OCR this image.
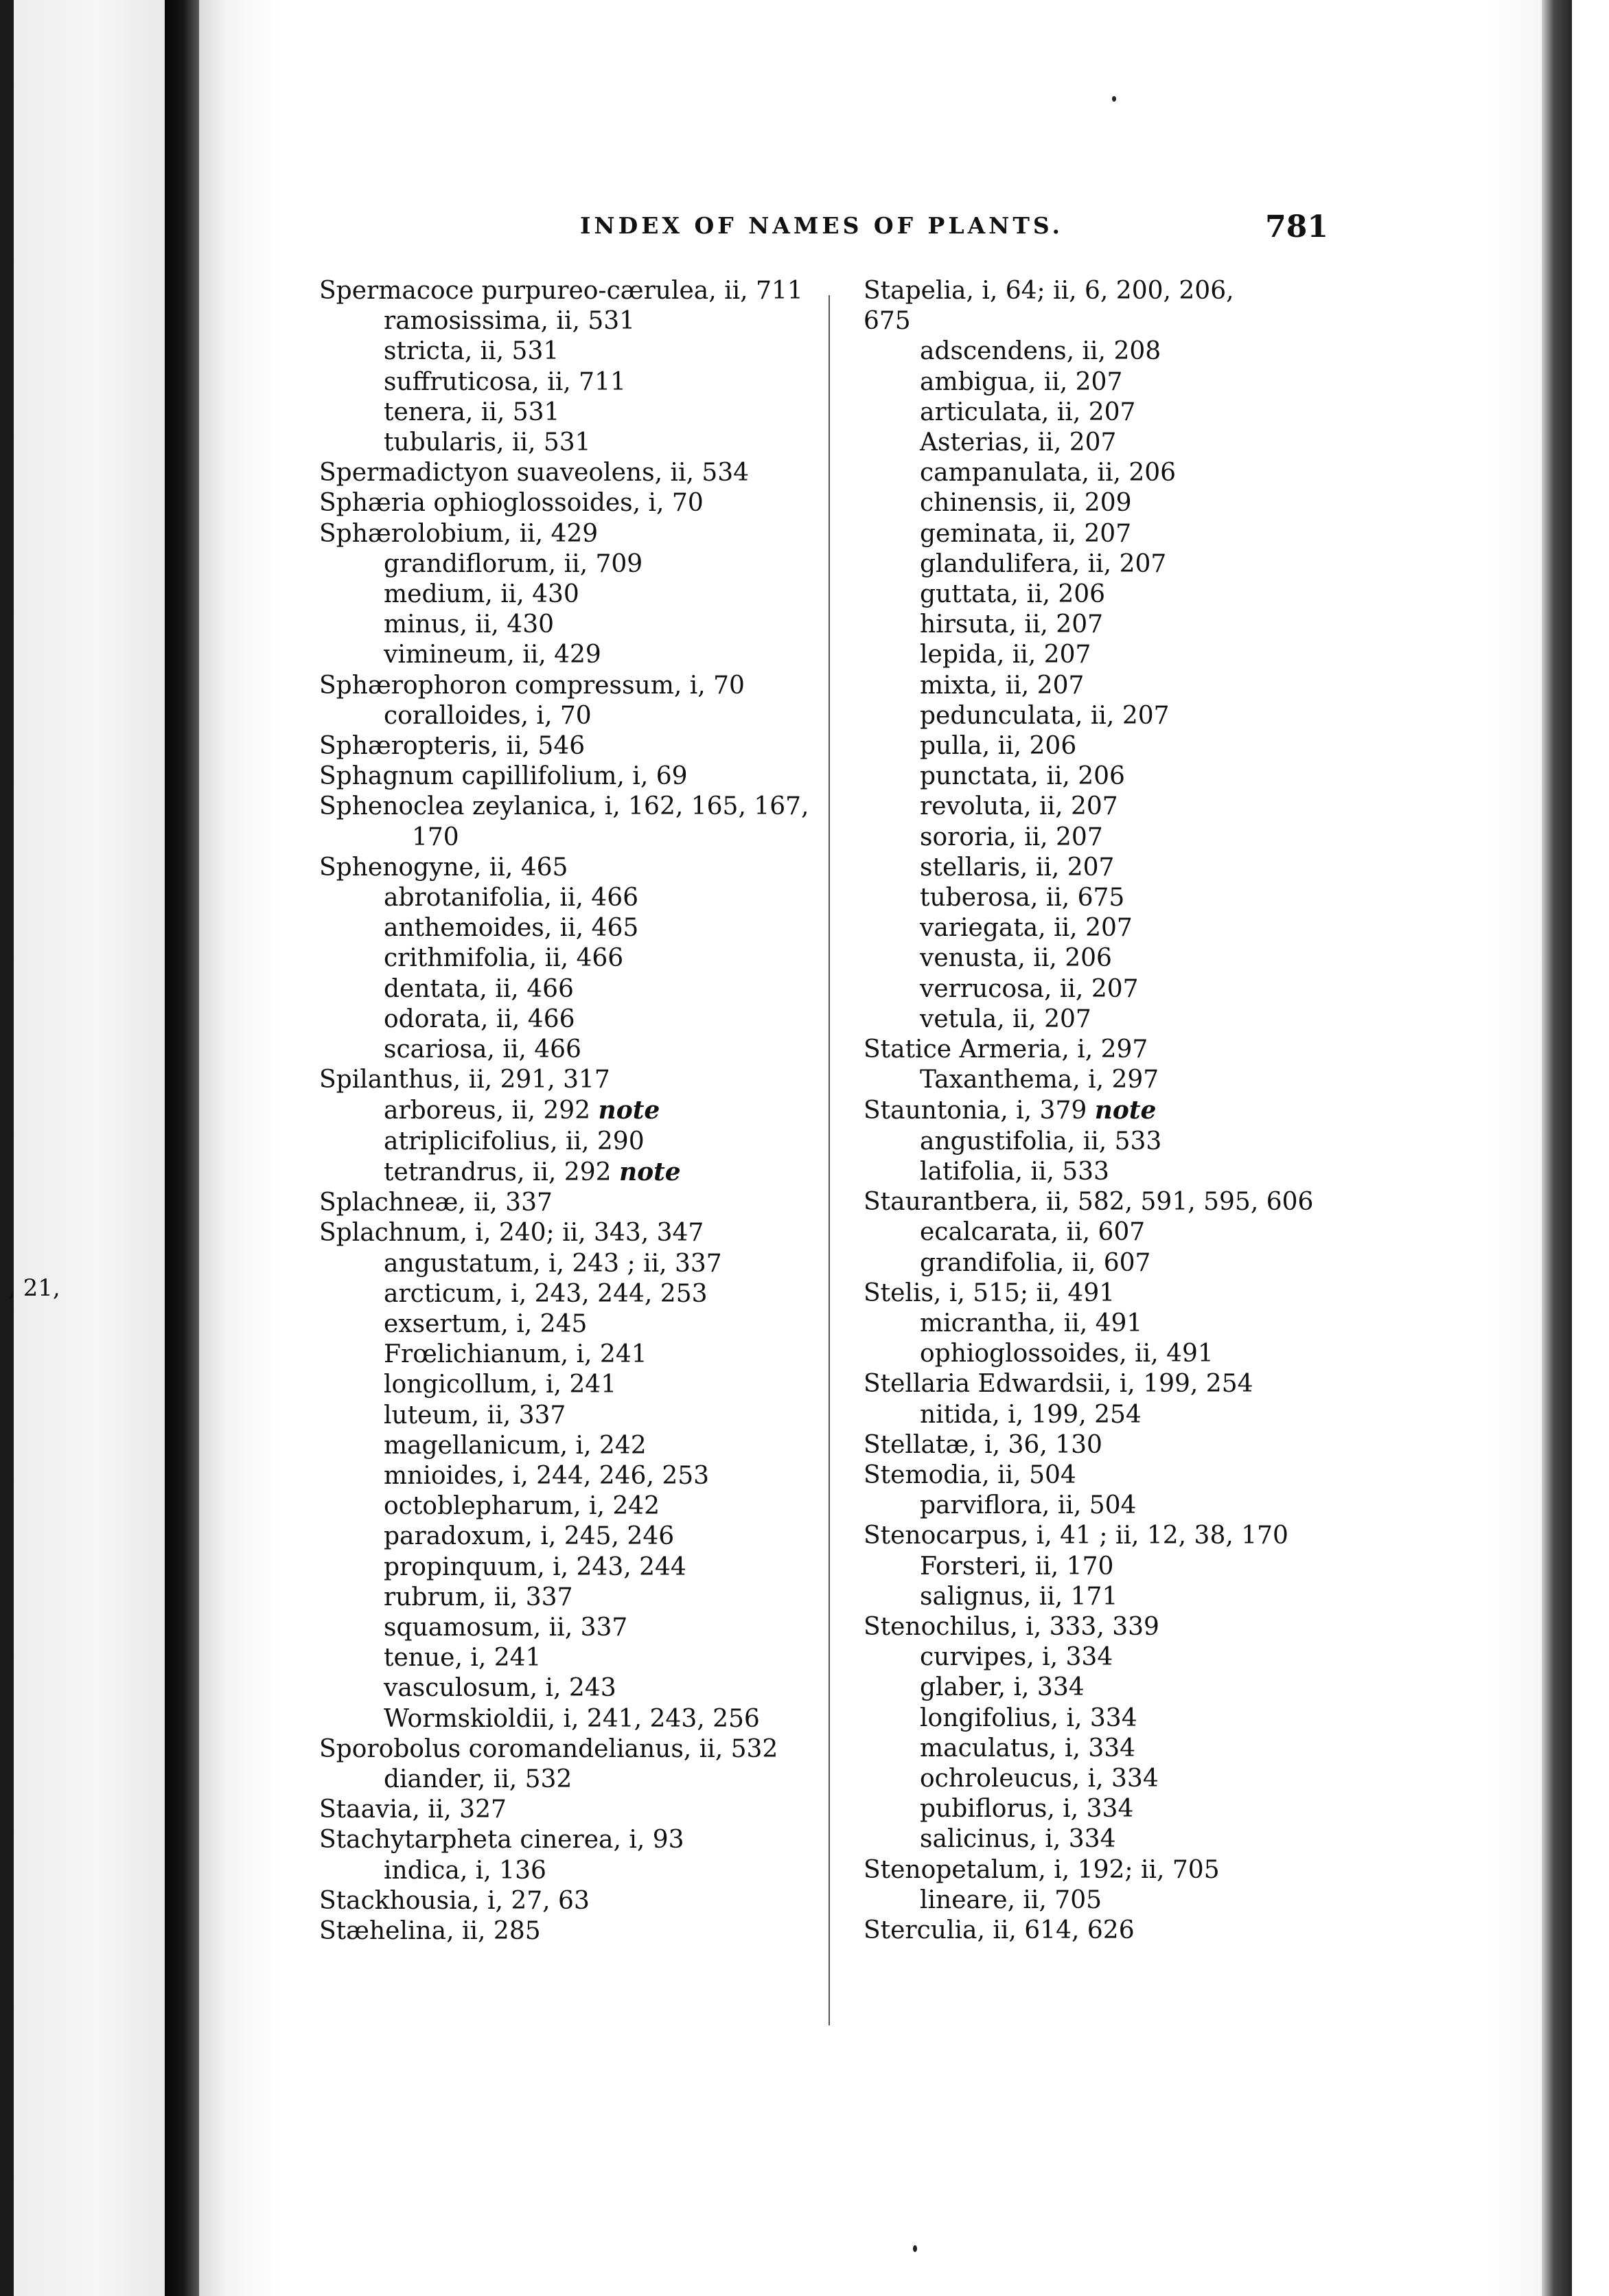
, 21,
INDEX OF NAMES OF PLANTS.	781
Spermacoce purpureo-cærulea, ii, 711
ramosissima, ii, 531
stricta, ii, 531
suffruticosa, ii, 711
tenera, ii, 531
tubularis, ii, 531
Spermadictyon suaveolens, ii, 534
Sphæria ophioglossoides, i, 70
Sphærolobium, ii, 429
grandiflorum, ii, 709
medium, ii, 430
minus, ii, 430
vimineum, ii, 429
Sphærophoron compressum, i, 70
coralloides, i, 70
Sphæropteris, ii, 546
Sphagnum capillifolium, i, 69
Sphenoclea zeylanica, i, 162, 165, 167,
170
Sphenogyne, ii, 465
abrotanifolia, ii, 466
anthemoides, ii, 465
crithmifolia, ii, 466
dentata, ii, 466
odorata, ii, 466
scariosa, ii, 466
Spilanthus, ii, 291, 317
arboreus, ii, 292 note
atriplicifolius, ii, 290
tetrandrus, ii, 292 note
Splachneæ, ii, 337
Splachnum, i, 240; ii, 343, 347
angustatum, i, 243 ; ii, 337
arcticum, i, 243, 244, 253
exsertum, i, 245
Frœlichianum, i, 241
longicollum, i, 241
luteum, ii, 337
magellanicum, i, 242
mnioides, i, 244, 246, 253
octoblepharum, i, 242
paradoxum, i, 245, 246
propinquum, i, 243, 244
rubrum, ii, 337
squamosum, ii, 337
tenue, i, 241
vasculosum, i, 243
Wormskioldii, i, 241, 243, 256
Sporobolus coromandelianus, ii, 532
diander, ii, 532
Staavia, ii, 327
Stachytarpheta cinerea, i, 93
indica, i, 136
Stackhousia, i, 27, 63
Stæhelina, ii, 285
Stapelia, i, 64; ii, 6, 200, 206,
675
adscendens, ii, 208
ambigua, ii, 207
articulata, ii, 207
Asterias, ii, 207
campanulata, ii, 206
chinensis, ii, 209
geminata, ii, 207
glandulifera, ii, 207
guttata, ii, 206
hirsuta, ii, 207
lepida, ii, 207
mixta, ii, 207
pedunculata, ii, 207
pulla, ii, 206
punctata, ii, 206
revoluta, ii, 207
sororia, ii, 207
stellaris, ii, 207
tuberosa, ii, 675
variegata, ii, 207
venusta, ii, 206
verrucosa, ii, 207
vetula, ii, 207
Statice Armeria, i, 297
Taxanthema, i, 297
Stauntonia, i, 379 note
angustifolia, ii, 533
latifolia, ii, 533
Staurantbera, ii, 582, 591, 595, 606
ecalcarata, ii, 607
grandifolia, ii, 607
Stelis, i, 515; ii, 491
micrantha, ii, 491
ophioglossoides, ii, 491
Stellaria Edwardsii, i, 199, 254
nitida, i, 199, 254
Stellatæ, i, 36, 130
Stemodia, ii, 504
parviflora, ii, 504
Stenocarpus, i, 41 ; ii, 12, 38, 170
Forsteri, ii, 170
salignus, ii, 171
Stenochilus, i, 333, 339
curvipes, i, 334
glaber, i, 334
longifolius, i, 334
maculatus, i, 334
ochroleucus, i, 334
pubiflorus, i, 334
salicinus, i, 334
Stenopetalum, i, 192; ii, 705
lineare, ii, 705
Sterculia, ii, 614, 626
